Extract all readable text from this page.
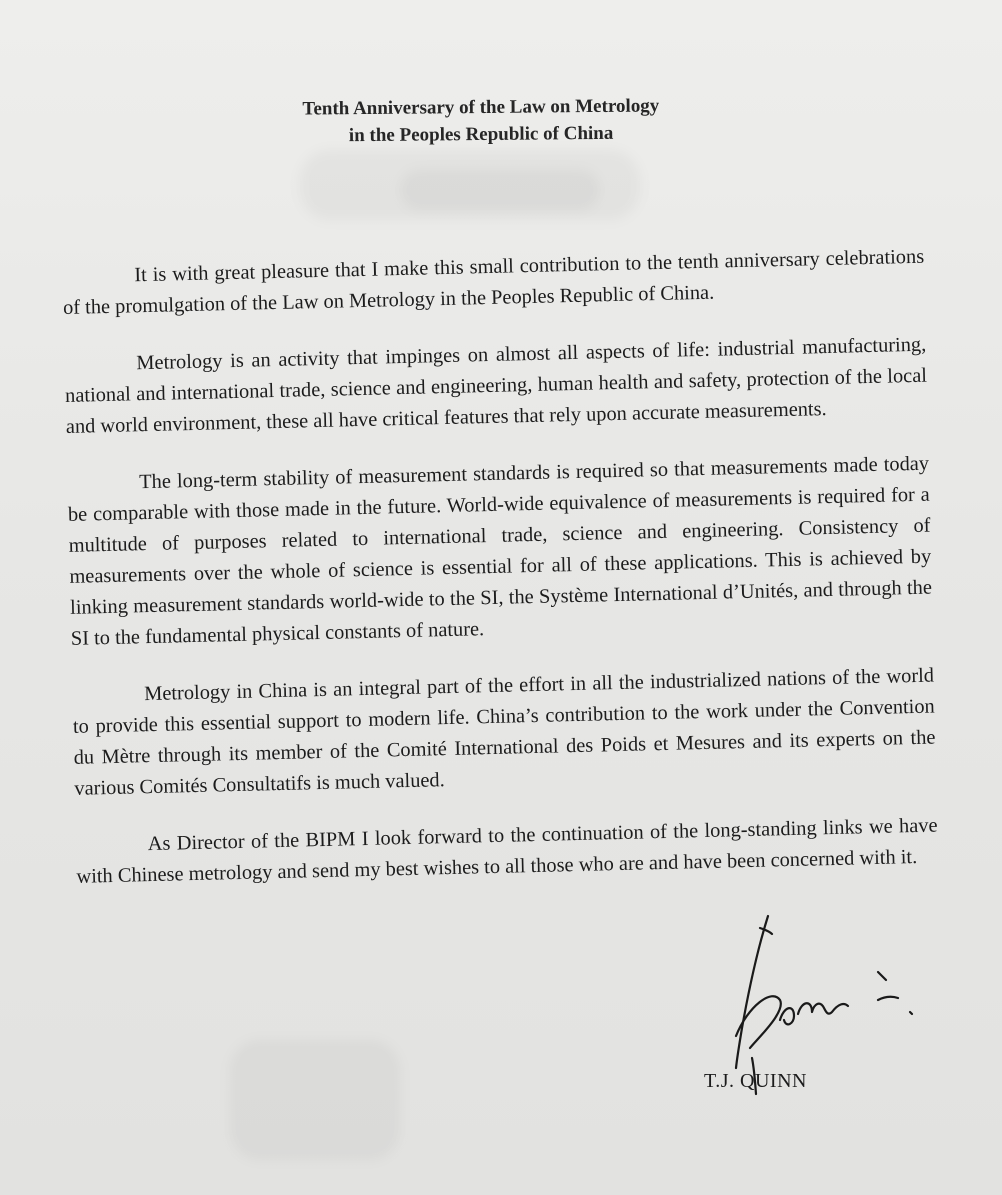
Tenth Anniversary of the Law on Metrology
in the Peoples Republic of China

It is with great pleasure that I make this small contribution to the tenth anniversary celebrations of the promulgation of the Law on Metrology in the Peoples Republic of China.

Metrology is an activity that impinges on almost all aspects of life: industrial manufacturing, national and international trade, science and engineering, human health and safety, protection of the local and world environment, these all have critical features that rely upon accurate measurements.

The long-term stability of measurement standards is required so that measurements made today be comparable with those made in the future. World-wide equivalence of measurements is required for a multitude of purposes related to international trade, science and engineering. Consistency of measurements over the whole of science is essential for all of these applications. This is achieved by linking measurement standards world-wide to the SI, the Système International d’Unités, and through the SI to the fundamental physical constants of nature.

Metrology in China is an integral part of the effort in all the industrialized nations of the world to provide this essential support to modern life. China’s contribution to the work under the Convention du Mètre through its member of the Comité International des Poids et Mesures and its experts on the various Comités Consultatifs is much valued.

As Director of the BIPM I look forward to the continuation of the long-standing links we have with Chinese metrology and send my best wishes to all those who are and have been concerned with it.

T.J. QUINN
